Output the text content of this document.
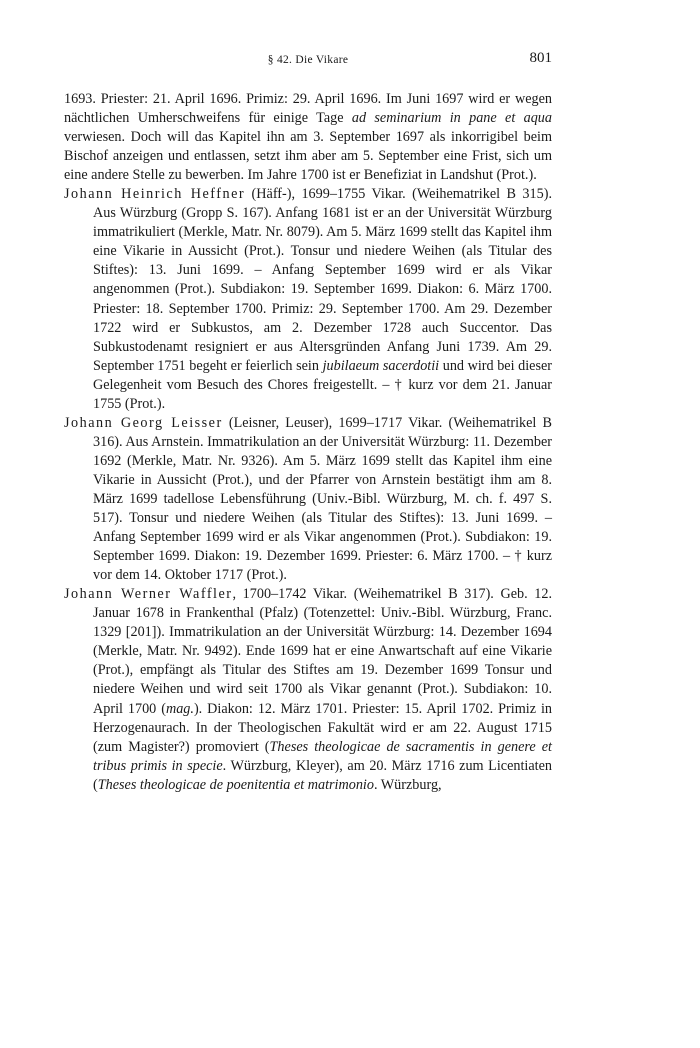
§ 42. Die Vikare	801

1693. Priester: 21. April 1696. Primiz: 29. April 1696. Im Juni 1697 wird er wegen nächtlichen Umherschweifens für einige Tage ad seminarium in pane et aqua verwiesen. Doch will das Kapitel ihn am 3. September 1697 als inkorrigibel beim Bischof anzeigen und entlassen, setzt ihm aber am 5. September eine Frist, sich um eine andere Stelle zu bewerben. Im Jahre 1700 ist er Benefiziat in Landshut (Prot.).

Johann Heinrich Heffner (Häff-), 1699–1755 Vikar. (Weihematrikel B 315). Aus Würzburg (Gropp S. 167). Anfang 1681 ist er an der Universität Würzburg immatrikuliert (Merkle, Matr. Nr. 8079). Am 5. März 1699 stellt das Kapitel ihm eine Vikarie in Aussicht (Prot.). Tonsur und niedere Weihen (als Titular des Stiftes): 13. Juni 1699. – Anfang September 1699 wird er als Vikar angenommen (Prot.). Subdiakon: 19. September 1699. Diakon: 6. März 1700. Priester: 18. September 1700. Primiz: 29. September 1700. Am 29. Dezember 1722 wird er Subkustos, am 2. Dezember 1728 auch Succentor. Das Subkustodenamt resigniert er aus Altersgründen Anfang Juni 1739. Am 29. September 1751 begeht er feierlich sein jubilaeum sacerdotii und wird bei dieser Gelegenheit vom Besuch des Chores freigestellt. – † kurz vor dem 21. Januar 1755 (Prot.).

Johann Georg Leisser (Leisner, Leuser), 1699–1717 Vikar. (Weihematrikel B 316). Aus Arnstein. Immatrikulation an der Universität Würzburg: 11. Dezember 1692 (Merkle, Matr. Nr. 9326). Am 5. März 1699 stellt das Kapitel ihm eine Vikarie in Aussicht (Prot.), und der Pfarrer von Arnstein bestätigt ihm am 8. März 1699 tadellose Lebensführung (Univ.-Bibl. Würzburg, M. ch. f. 497 S. 517). Tonsur und niedere Weihen (als Titular des Stiftes): 13. Juni 1699. – Anfang September 1699 wird er als Vikar angenommen (Prot.). Subdiakon: 19. September 1699. Diakon: 19. Dezember 1699. Priester: 6. März 1700. – † kurz vor dem 14. Oktober 1717 (Prot.).

Johann Werner Waffler, 1700–1742 Vikar. (Weihematrikel B 317). Geb. 12. Januar 1678 in Frankenthal (Pfalz) (Totenzettel: Univ.-Bibl. Würzburg, Franc. 1329 [201]). Immatrikulation an der Universität Würzburg: 14. Dezember 1694 (Merkle, Matr. Nr. 9492). Ende 1699 hat er eine Anwartschaft auf eine Vikarie (Prot.), empfängt als Titular des Stiftes am 19. Dezember 1699 Tonsur und niedere Weihen und wird seit 1700 als Vikar genannt (Prot.). Subdiakon: 10. April 1700 (mag.). Diakon: 12. März 1701. Priester: 15. April 1702. Primiz in Herzogenaurach. In der Theologischen Fakultät wird er am 22. August 1715 (zum Magister?) promoviert (Theses theologicae de sacramentis in genere et tribus primis in specie. Würzburg, Kleyer), am 20. März 1716 zum Licentiaten (Theses theologicae de poenitentia et matrimonio. Würzburg,
